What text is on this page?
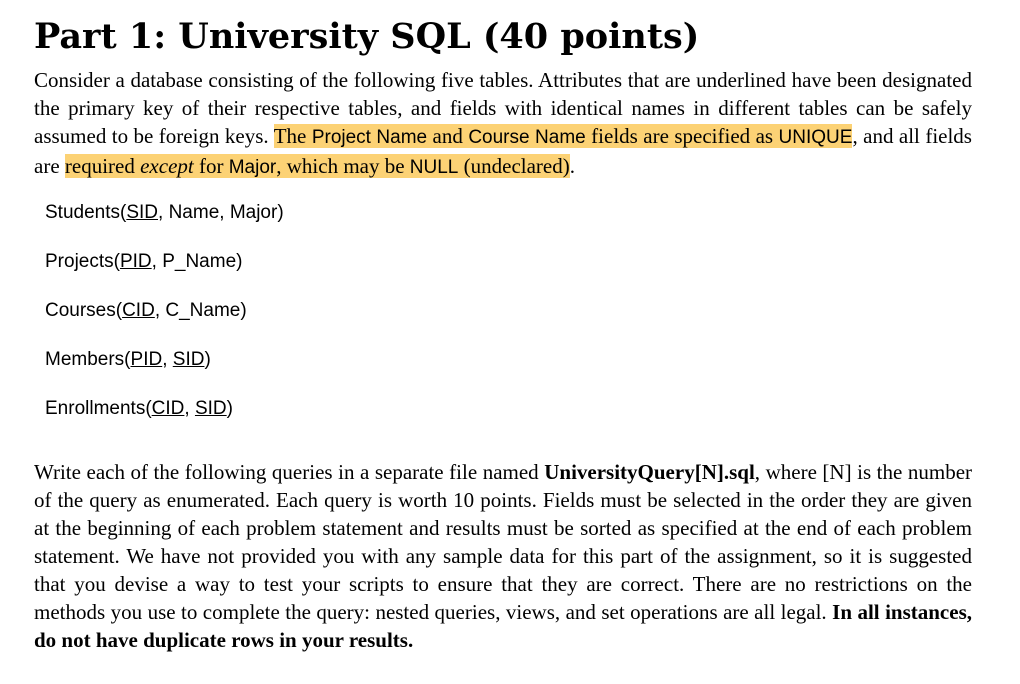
Part 1: University SQL (40 points)

Consider a database consisting of the following five tables. Attributes that are underlined have been designated the primary key of their respective tables, and fields with identical names in different tables can be safely assumed to be foreign keys. The Project Name and Course Name fields are specified as UNIQUE, and all fields are required except for Major, which may be NULL (undeclared).

Students(SID, Name, Major)
Projects(PID, P_Name)
Courses(CID, C_Name)
Members(PID, SID)
Enrollments(CID, SID)

Write each of the following queries in a separate file named UniversityQuery[N].sql, where [N] is the number of the query as enumerated. Each query is worth 10 points. Fields must be selected in the order they are given at the beginning of each problem statement and results must be sorted as specified at the end of each problem statement. We have not provided you with any sample data for this part of the assignment, so it is suggested that you devise a way to test your scripts to ensure that they are correct. There are no restrictions on the methods you use to complete the query: nested queries, views, and set operations are all legal. In all instances, do not have duplicate rows in your results.
